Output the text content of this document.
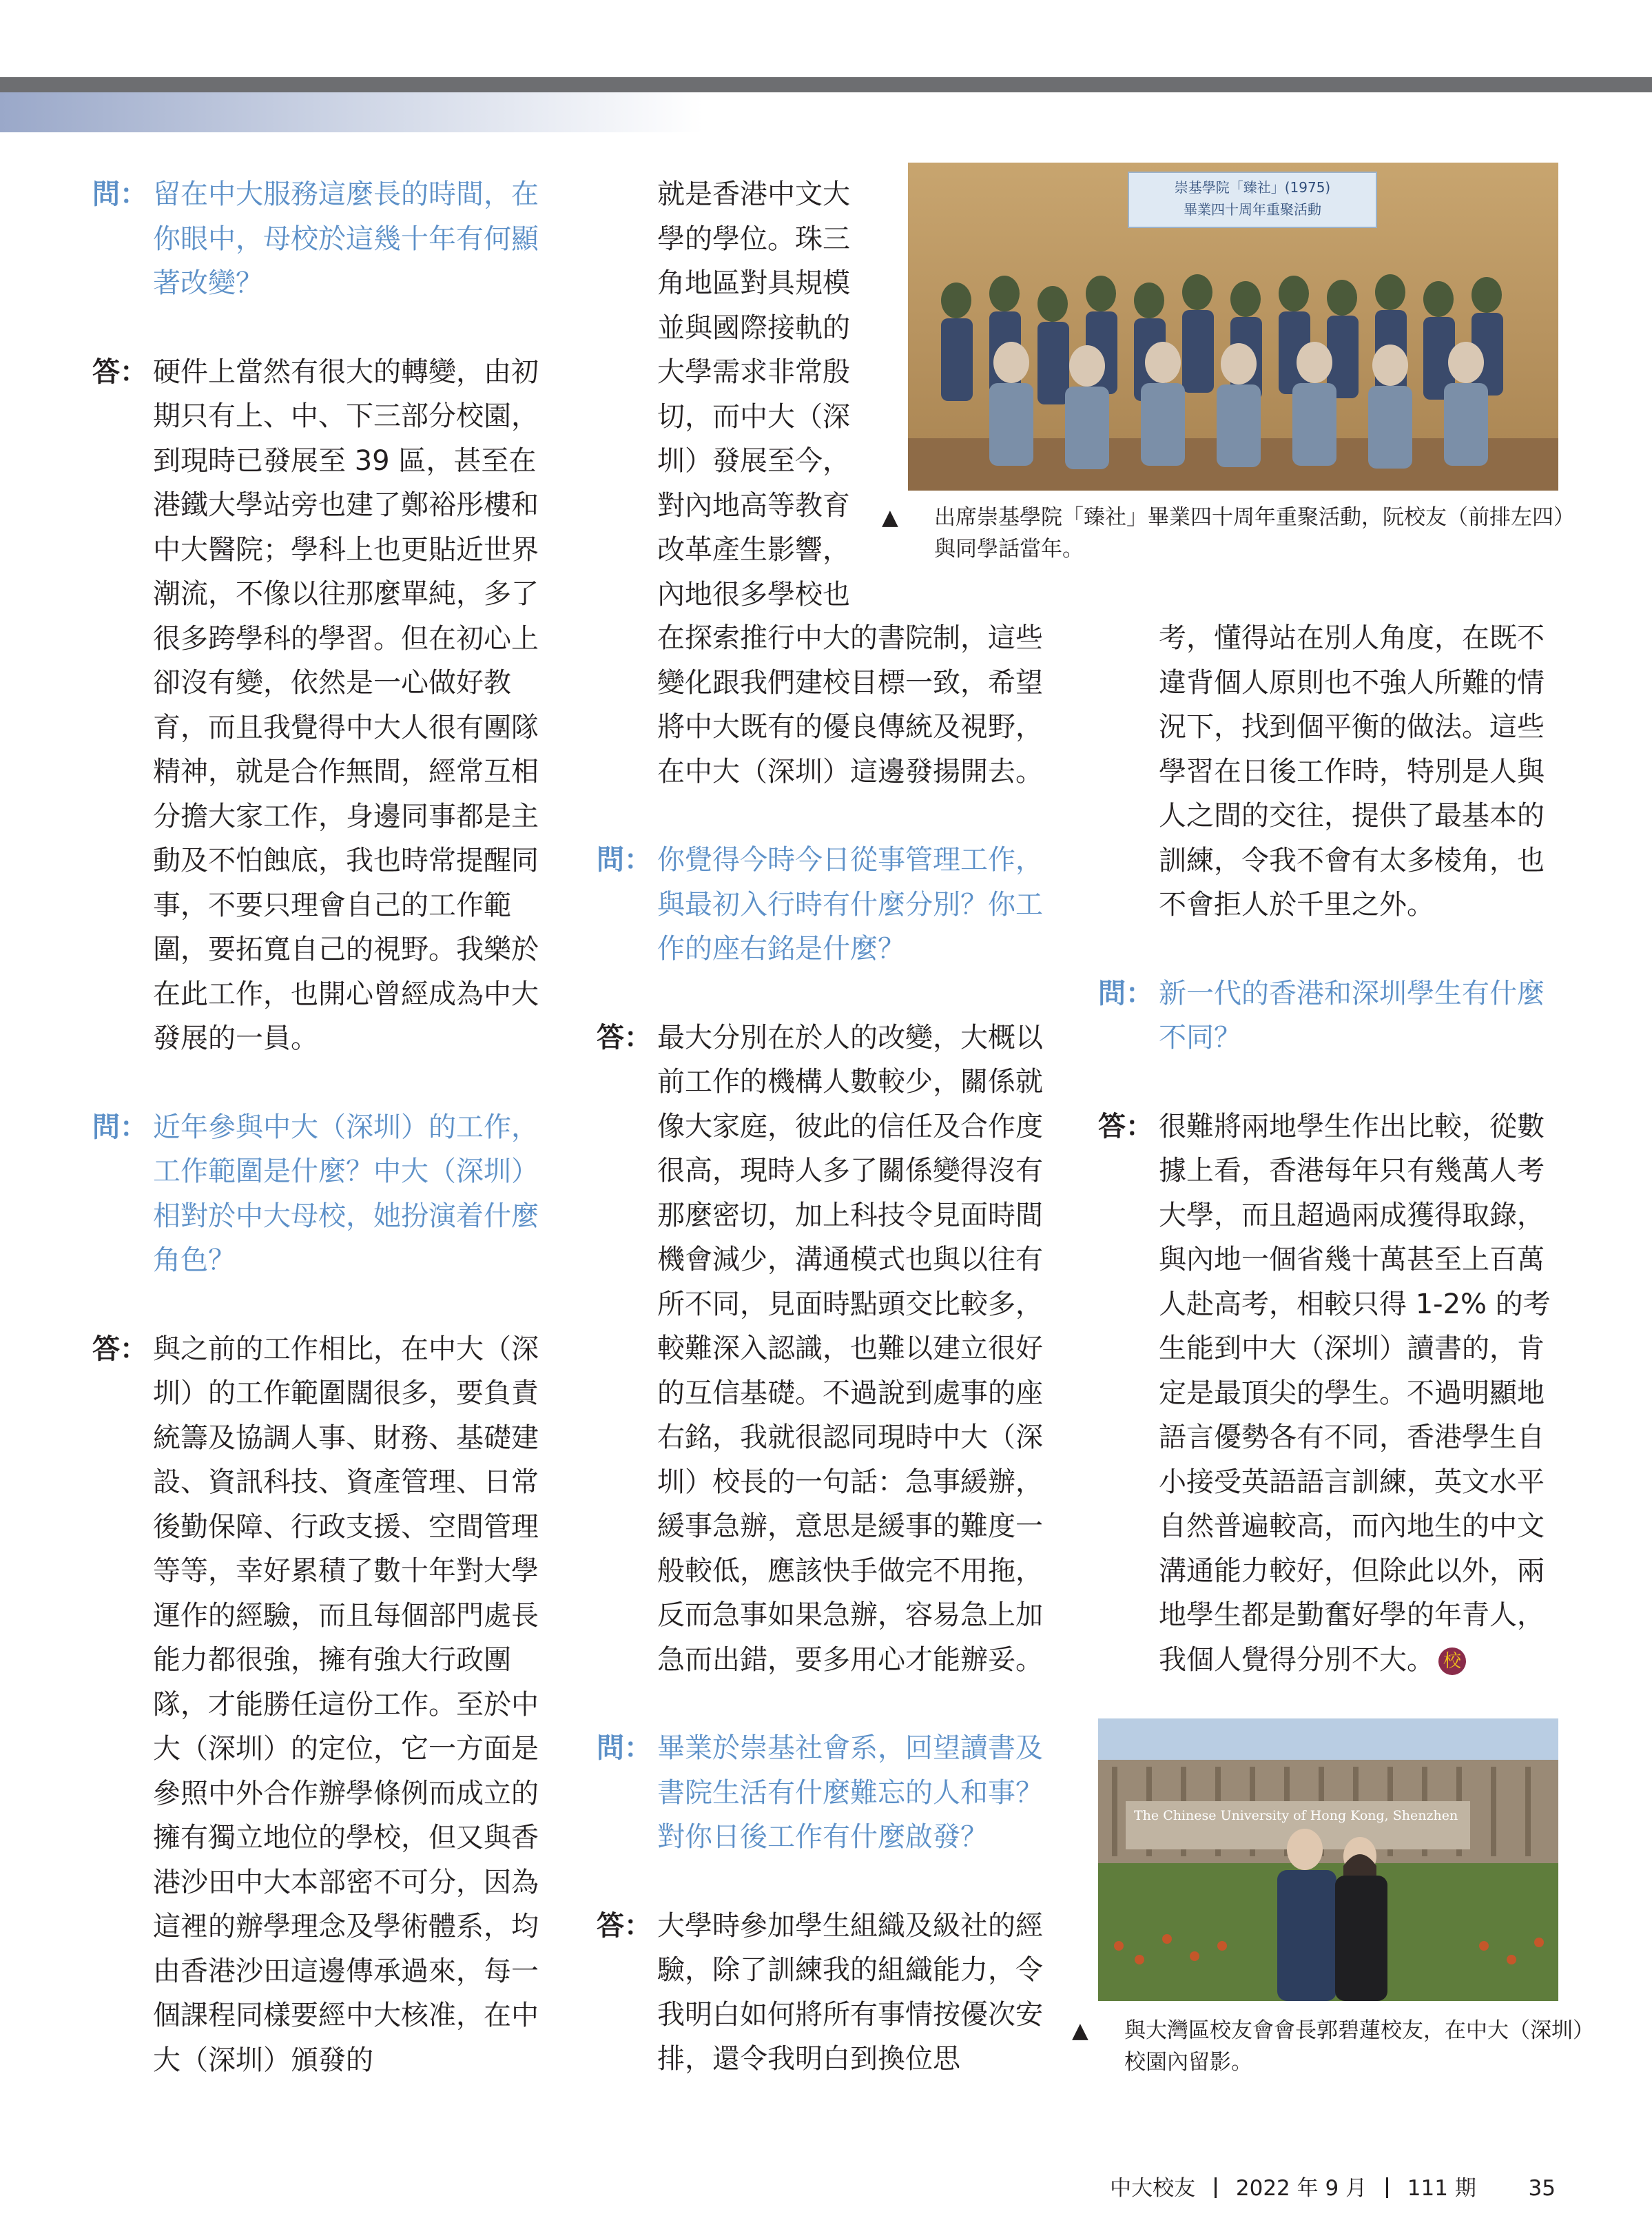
問： 留在中大服務這麼長的時間，在你眼中，母校於這幾十年有何顯著改變？
答： 硬件上當然有很大的轉變，由初期只有上、中、下三部分校園，到現時已發展至 39 區，甚至在港鐵大學站旁也建了鄭裕彤樓和中大醫院；學科上也更貼近世界潮流，不像以往那麼單純，多了很多跨學科的學習。但在初心上卻沒有變，依然是一心做好教育，而且我覺得中大人很有團隊精神，就是合作無間，經常互相分擔大家工作，身邊同事都是主動及不怕蝕底，我也時常提醒同事，不要只理會自己的工作範圍，要拓寬自己的視野。我樂於在此工作，也開心曾經成為中大發展的一員。
問： 近年參與中大（深圳）的工作，工作範圍是什麼？中大（深圳）相對於中大母校，她扮演着什麼角色？
答： 與之前的工作相比，在中大（深圳）的工作範圍闊很多，要負責統籌及協調人事、財務、基礎建設、資訊科技、資產管理、日常後勤保障、行政支援、空間管理等等，幸好累積了數十年對大學運作的經驗，而且每個部門處長能力都很強，擁有強大行政團隊，才能勝任這份工作。至於中大（深圳）的定位，它一方面是參照中外合作辦學條例而成立的擁有獨立地位的學校，但又與香港沙田中大本部密不可分，因為這裡的辦學理念及學術體系，均由香港沙田這邊傳承過來，每一個課程同樣要經中大核准，在中大（深圳）頒發的
就是香港中文大學的學位。珠三角地區對具規模並與國際接軌的大學需求非常殷切，而中大（深圳）發展至今，對內地高等教育改革產生影響，內地很多學校也
在探索推行中大的書院制，這些變化跟我們建校目標一致，希望將中大既有的優良傳統及視野，在中大（深圳）這邊發揚開去。
問： 你覺得今時今日從事管理工作，與最初入行時有什麼分別？你工作的座右銘是什麼？
答： 最大分別在於人的改變，大概以前工作的機構人數較少，關係就像大家庭，彼此的信任及合作度很高，現時人多了關係變得沒有那麼密切，加上科技令見面時間機會減少，溝通模式也與以往有所不同，見面時點頭交比較多，較難深入認識，也難以建立很好的互信基礎。不過說到處事的座右銘，我就很認同現時中大（深圳）校長的一句話：急事緩辦，緩事急辦，意思是緩事的難度一般較低，應該快手做完不用拖，反而急事如果急辦，容易急上加急而出錯，要多用心才能辦妥。
問： 畢業於崇基社會系，回望讀書及書院生活有什麼難忘的人和事？對你日後工作有什麼啟發？
答： 大學時參加學生組織及級社的經驗，除了訓練我的組織能力，令我明白如何將所有事情按優次安排，還令我明白到換位思
崇基學院「臻社」(1975)
畢業四十周年重聚活動
▲ 出席崇基學院「臻社」畢業四十周年重聚活動，阮校友（前排左四）與同學話當年。
考，懂得站在別人角度，在既不違背個人原則也不強人所難的情況下，找到個平衡的做法。這些學習在日後工作時，特別是人與人之間的交往，提供了最基本的訓練，令我不會有太多棱角，也不會拒人於千里之外。
問： 新一代的香港和深圳學生有什麼不同？
答： 很難將兩地學生作出比較，從數據上看，香港每年只有幾萬人考大學，而且超過兩成獲得取錄，與內地一個省幾十萬甚至上百萬人赴高考，相較只得 1-2% 的考生能到中大（深圳）讀書的，肯定是最頂尖的學生。不過明顯地語言優勢各有不同，香港學生自小接受英語語言訓練，英文水平自然普遍較高，而內地生的中文溝通能力較好，但除此以外，兩地學生都是勤奮好學的年青人，我個人覺得分別不大。 校
The Chinese University of Hong Kong, Shenzhen
▲ 與大灣區校友會會長郭碧蓮校友，在中大（深圳）校園內留影。
中大校友 2022 年 9 月 111 期 35
